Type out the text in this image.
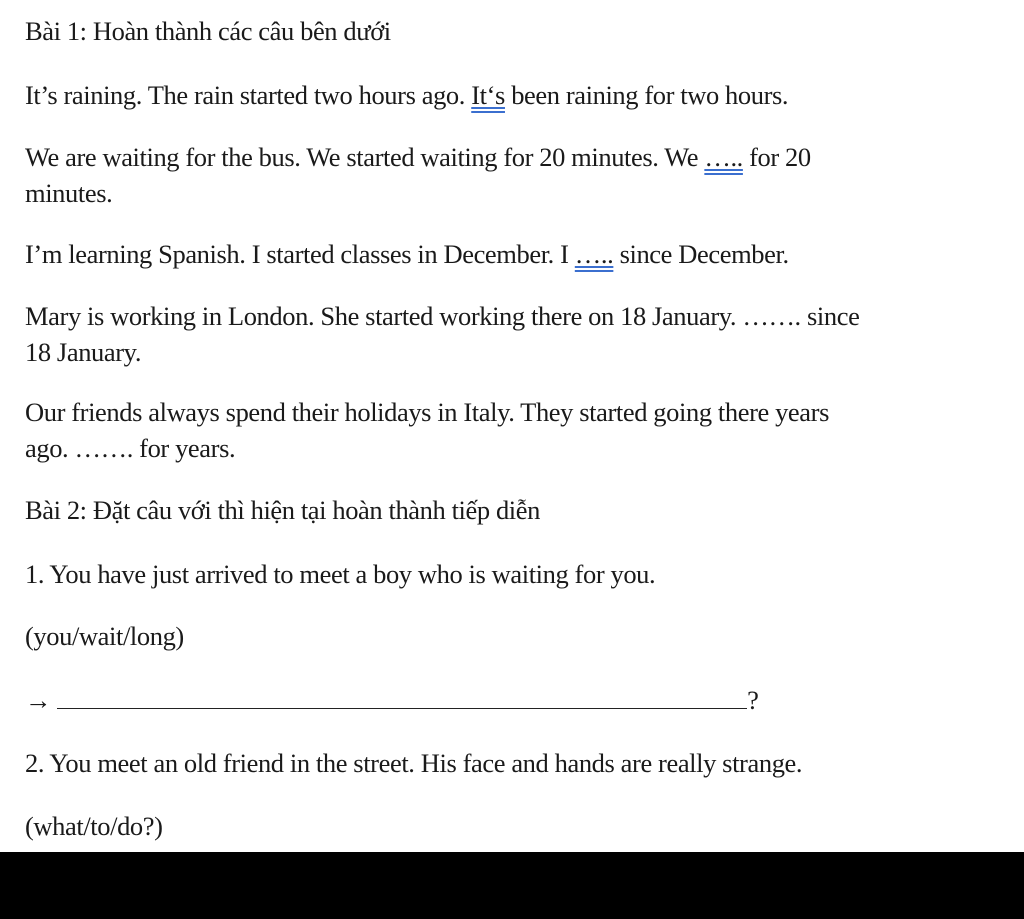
Bài 1: Hoàn thành các câu bên dưới
It’s raining. The rain started two hours ago. It‘s been raining for two hours.
We are waiting for the bus. We started waiting for 20 minutes. We ….. for 20
minutes.
I’m learning Spanish. I started classes in December. I ….. since December.
Mary is working in London. She started working there on 18 January. ……. since
18 January.
Our friends always spend their holidays in Italy. They started going there years
ago. ……. for years.
Bài 2: Đặt câu với thì hiện tại hoàn thành tiếp diễn
1. You have just arrived to meet a boy who is waiting for you.
(you/wait/long)
→	?
2. You meet an old friend in the street. His face and hands are really strange.
(what/to/do?)
